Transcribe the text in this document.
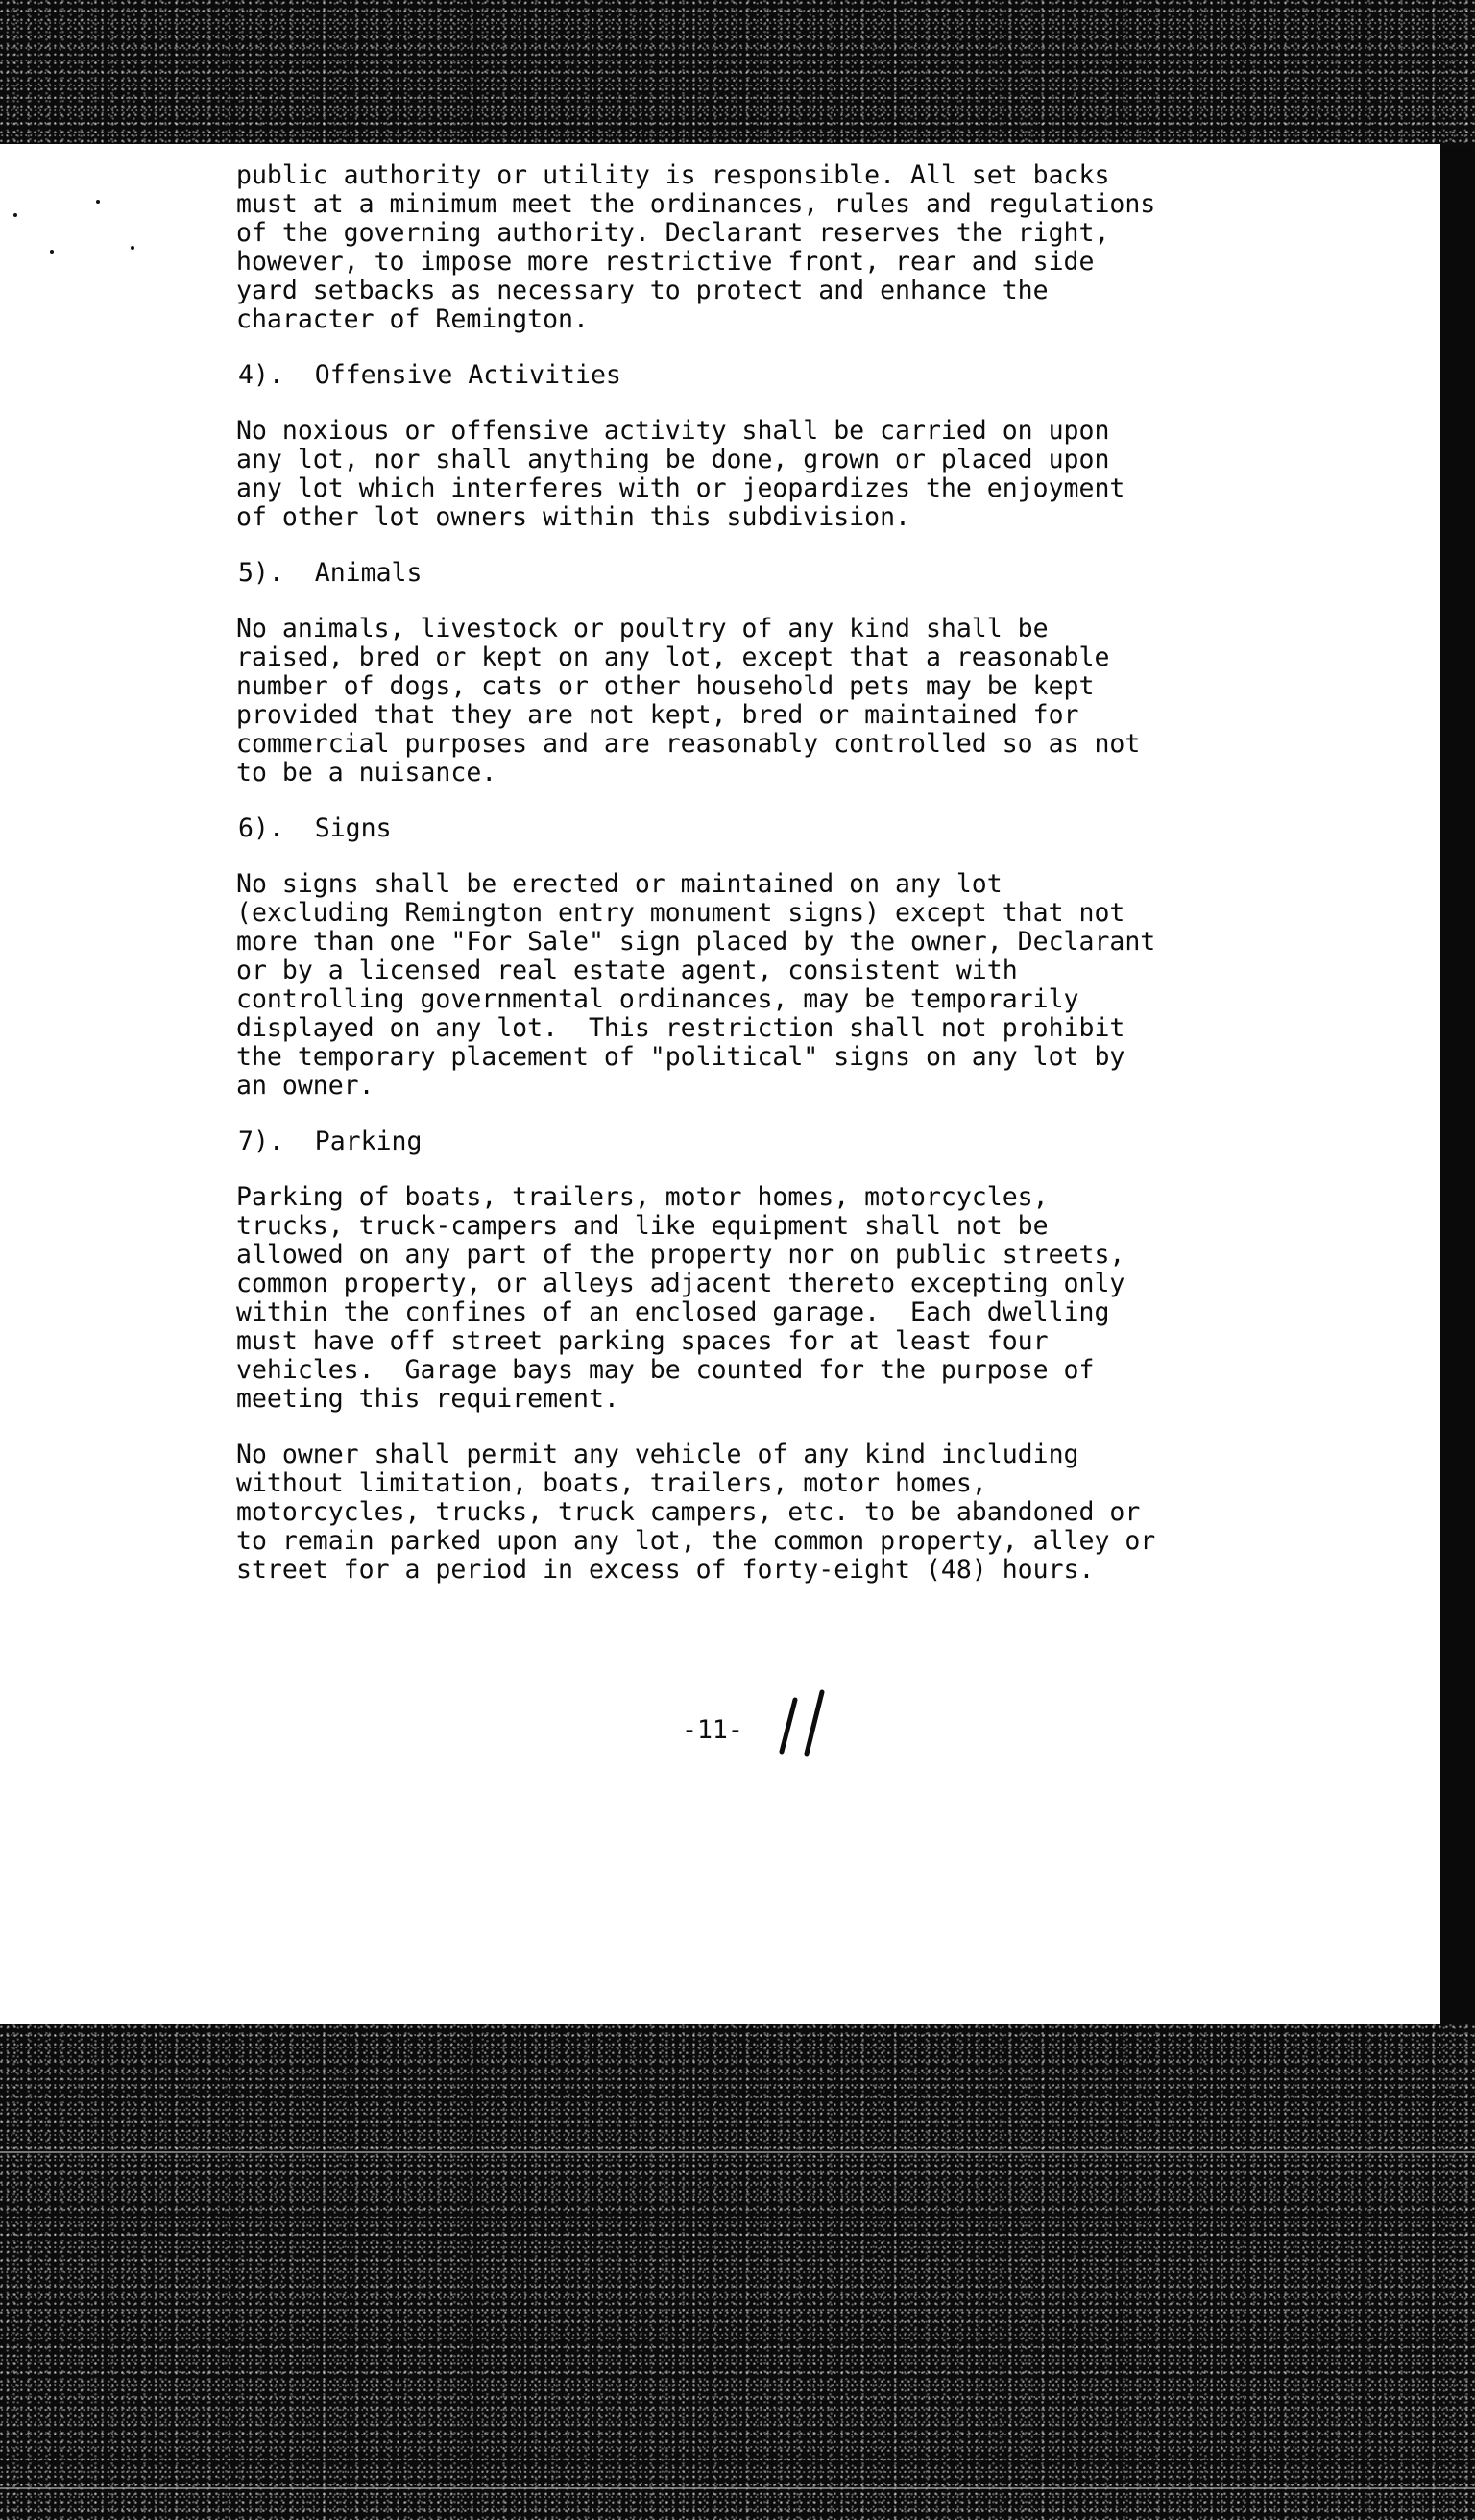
public authority or utility is responsible. All set backs
must at a minimum meet the ordinances, rules and regulations
of the governing authority. Declarant reserves the right,
however, to impose more restrictive front, rear and side
yard setbacks as necessary to protect and enhance the
character of Remington.

4).  Offensive Activities

No noxious or offensive activity shall be carried on upon
any lot, nor shall anything be done, grown or placed upon
any lot which interferes with or jeopardizes the enjoyment
of other lot owners within this subdivision.

5).  Animals

No animals, livestock or poultry of any kind shall be
raised, bred or kept on any lot, except that a reasonable
number of dogs, cats or other household pets may be kept
provided that they are not kept, bred or maintained for
commercial purposes and are reasonably controlled so as not
to be a nuisance.

6).  Signs

No signs shall be erected or maintained on any lot
(excluding Remington entry monument signs) except that not
more than one "For Sale" sign placed by the owner, Declarant
or by a licensed real estate agent, consistent with
controlling governmental ordinances, may be temporarily
displayed on any lot.  This restriction shall not prohibit
the temporary placement of "political" signs on any lot by
an owner.

7).  Parking

Parking of boats, trailers, motor homes, motorcycles,
trucks, truck-campers and like equipment shall not be
allowed on any part of the property nor on public streets,
common property, or alleys adjacent thereto excepting only
within the confines of an enclosed garage.  Each dwelling
must have off street parking spaces for at least four
vehicles.  Garage bays may be counted for the purpose of
meeting this requirement.

No owner shall permit any vehicle of any kind including
without limitation, boats, trailers, motor homes,
motorcycles, trucks, truck campers, etc. to be abandoned or
to remain parked upon any lot, the common property, alley or
street for a period in excess of forty-eight (48) hours.

-11-
